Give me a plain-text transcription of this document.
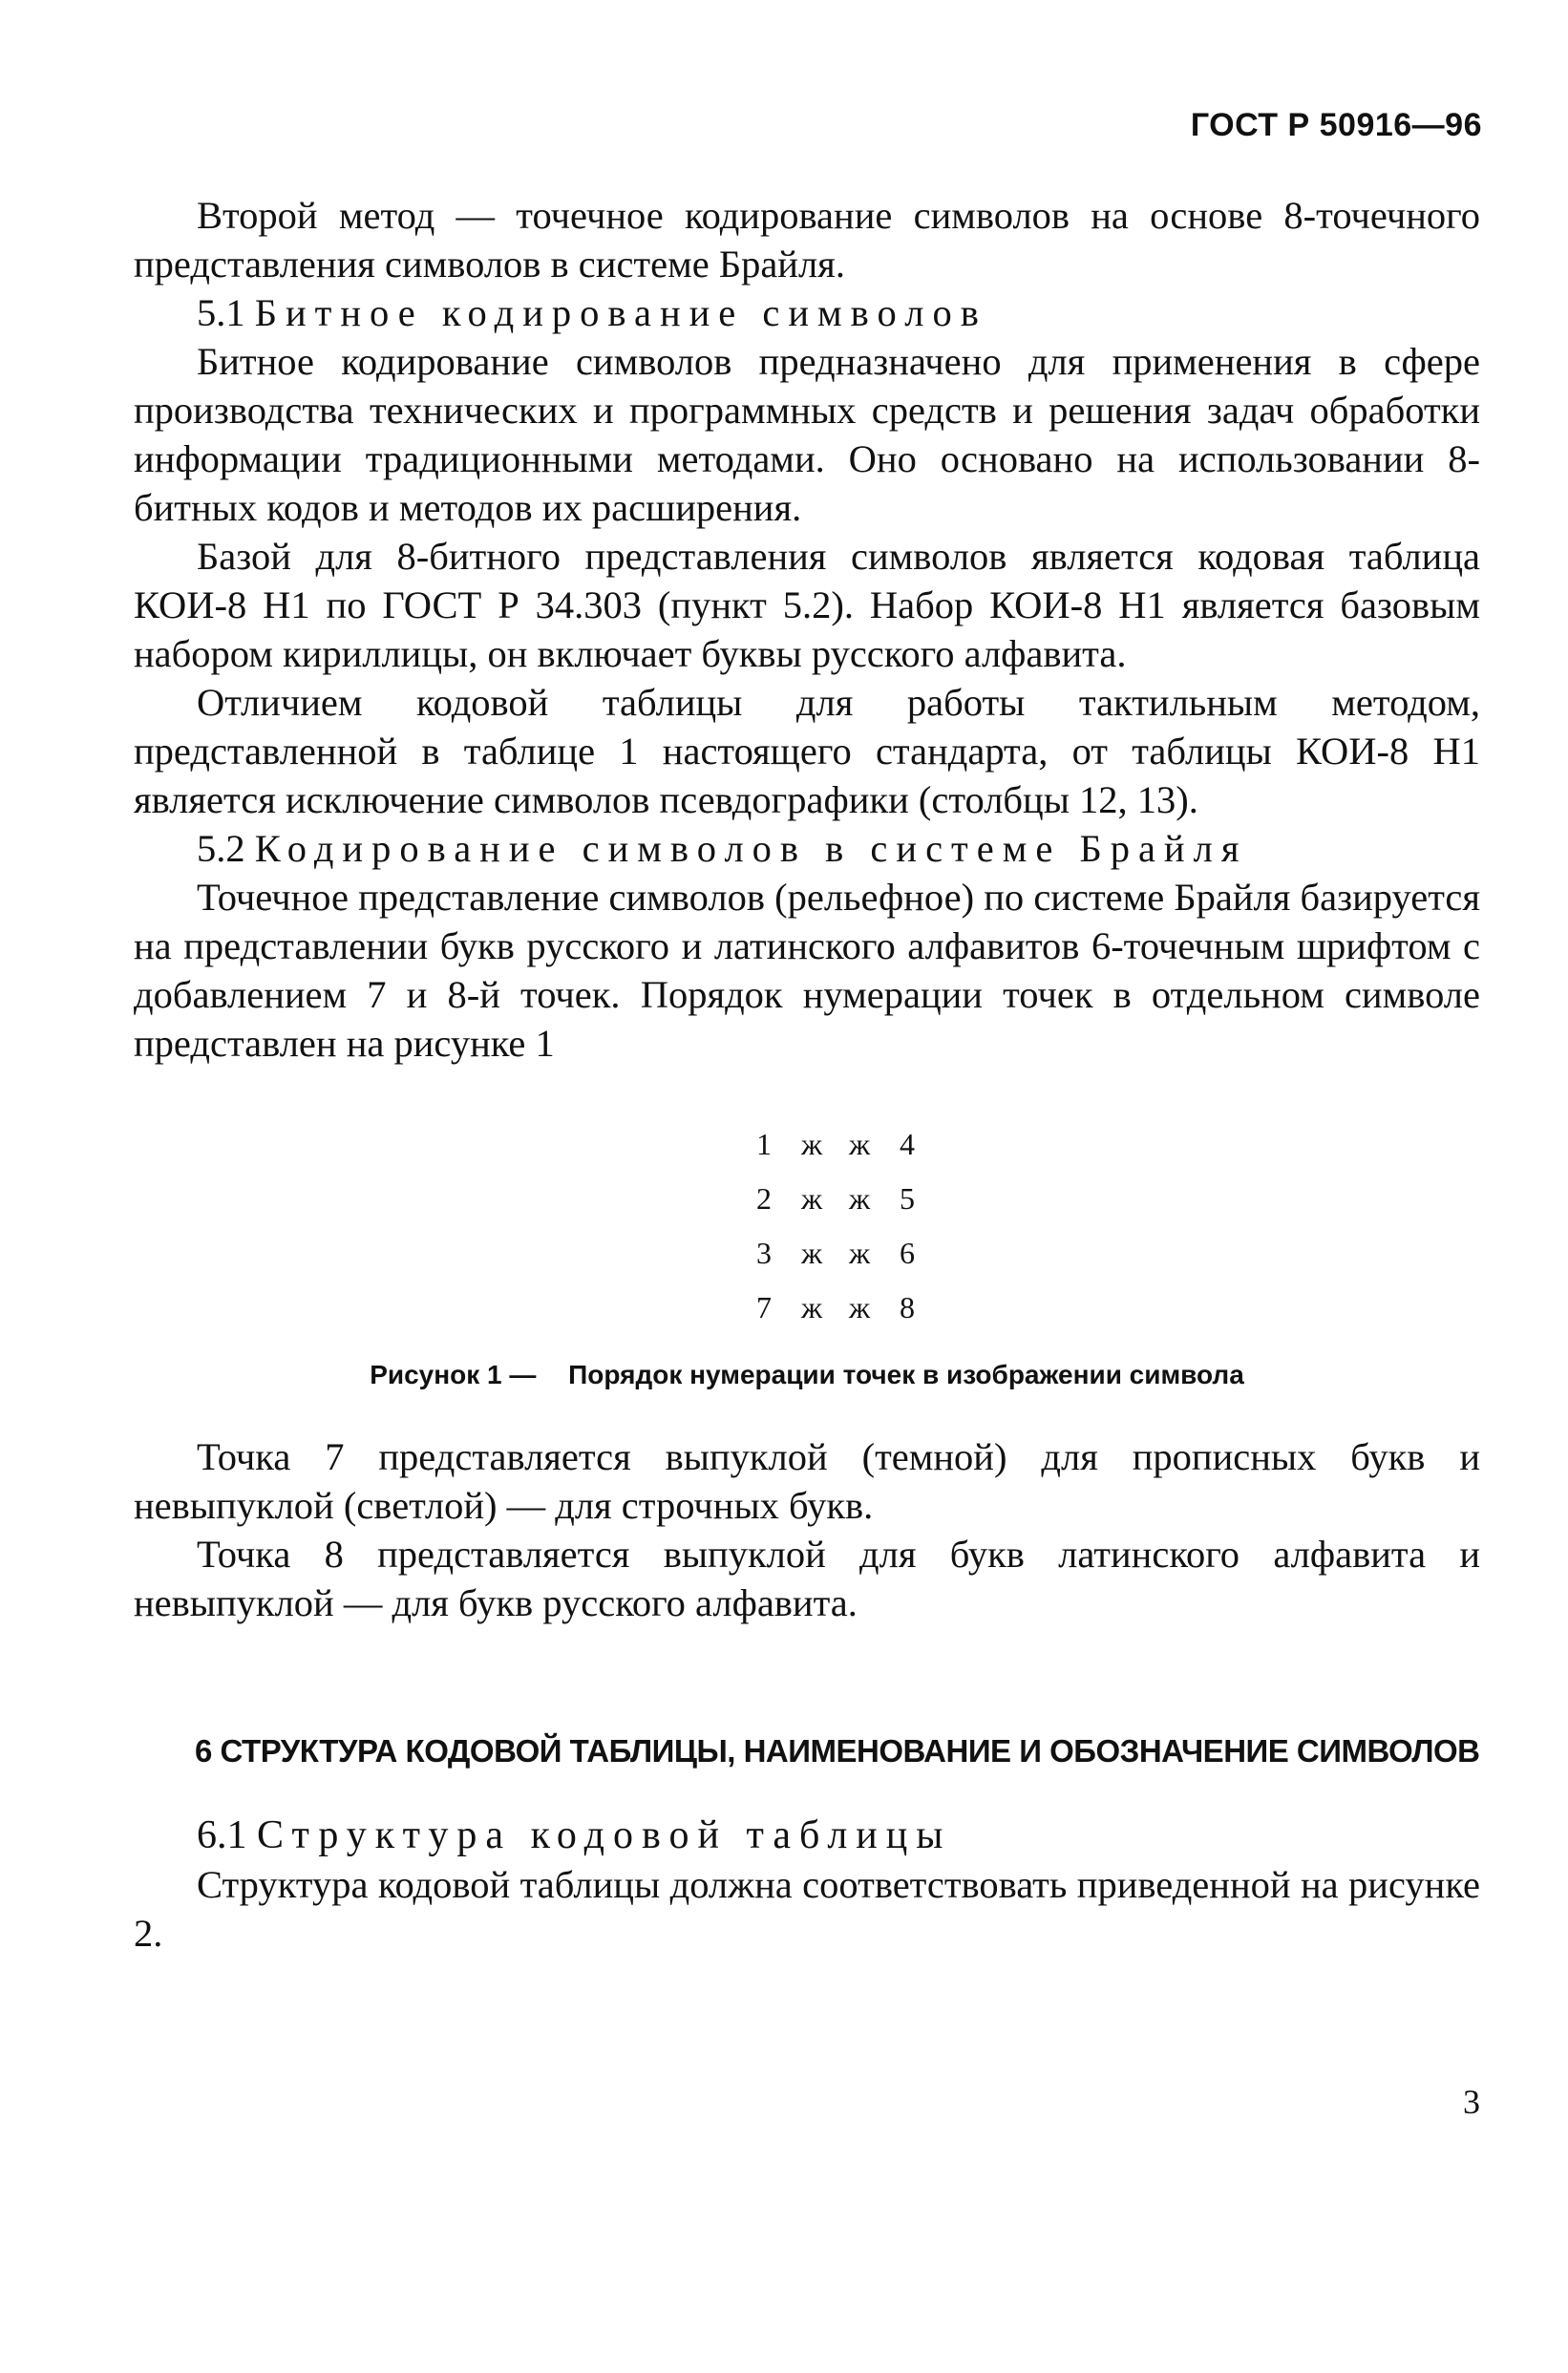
ГОСТ Р 50916—96

Второй метод — точечное кодирование символов на основе 8-точечного представления символов в системе Брайля.

5.1 Битное кодирование символов

Битное кодирование символов предназначено для применения в сфере производства технических и программных средств и решения задач обработки информации традиционными методами. Оно основано на использовании 8-битных кодов и методов их расширения.

Базой для 8-битного представления символов является кодовая таблица КОИ-8 Н1 по ГОСТ Р 34.303 (пункт 5.2). Набор КОИ-8 Н1 является базовым набором кириллицы, он включает буквы русского алфавита.

Отличием кодовой таблицы для работы тактильным методом, представленной в таблице 1 настоящего стандарта, от таблицы КОИ-8 Н1 является исключение символов псевдографики (столбцы 12, 13).

5.2 Кодирование символов в системе Брайля

Точечное представление символов (рельефное) по системе Брайля базируется на представлении букв русского и латинского алфавитов 6-точечным шрифтом с добавлением 7 и 8-й точек. Порядок нумерации точек в отдельном символе представлен на рисунке 1

1 ж ж 4
2 ж ж 5
3 ж ж 6
7 ж ж 8
Рисунок 1 — Порядок нумерации точек в изображении символа

Точка 7 представляется выпуклой (темной) для прописных букв и невыпуклой (светлой) — для строчных букв.

Точка 8 представляется выпуклой для букв латинского алфавита и невыпуклой — для букв русского алфавита.

6 СТРУКТУРА КОДОВОЙ ТАБЛИЦЫ, НАИМЕНОВАНИЕ И ОБОЗНАЧЕНИЕ СИМВОЛОВ

6.1 Структура кодовой таблицы

Структура кодовой таблицы должна соответствовать приведенной на рисунке 2.

3
